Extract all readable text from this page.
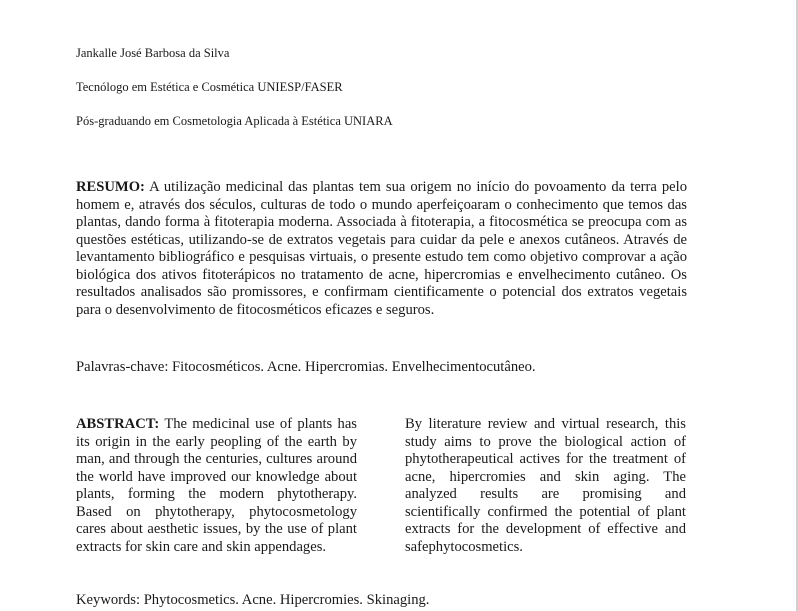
Jankalle José Barbosa da Silva

Tecnólogo em Estética e Cosmética UNIESP/FASER

Pós-graduando em Cosmetologia Aplicada à Estética UNIARA

RESUMO: A utilização medicinal das plantas tem sua origem no início do povoamento da terra pelo homem e, através dos séculos, culturas de todo o mundo aperfeiçoaram o conhecimento que temos das plantas, dando forma à fitoterapia moderna. Associada à fitoterapia, a fitocosmética se preocupa com as questões estéticas, utilizando-se de extratos vegetais para cuidar da pele e anexos cutâneos. Através de levantamento bibliográfico e pesquisas virtuais, o presente estudo tem como objetivo comprovar a ação biológica dos ativos fitoterápicos no tratamento de acne, hipercromias e envelhecimento cutâneo. Os resultados analisados são promissores, e confirmam cientificamente o potencial dos extratos vegetais para o desenvolvimento de fitocosméticos eficazes e seguros.

Palavras-chave: Fitocosméticos. Acne. Hipercromias. Envelhecimentocutâneo.

ABSTRACT: The medicinal use of plants has its origin in the early peopling of the earth by man, and through the centuries, cultures around the world have improved our knowledge about plants, forming the modern phytotherapy. Based on phytotherapy, phytocosmetology cares about aesthetic issues, by the use of plant extracts for skin care and skin appendages.

By literature review and virtual research, this study aims to prove the biological action of phytotherapeutical actives for the treatment of acne, hipercromies and skin aging. The analyzed results are promising and scientifically confirmed the potential of plant extracts for the development of effective and safephytocosmetics.

Keywords: Phytocosmetics. Acne. Hipercromies. Skinaging.
